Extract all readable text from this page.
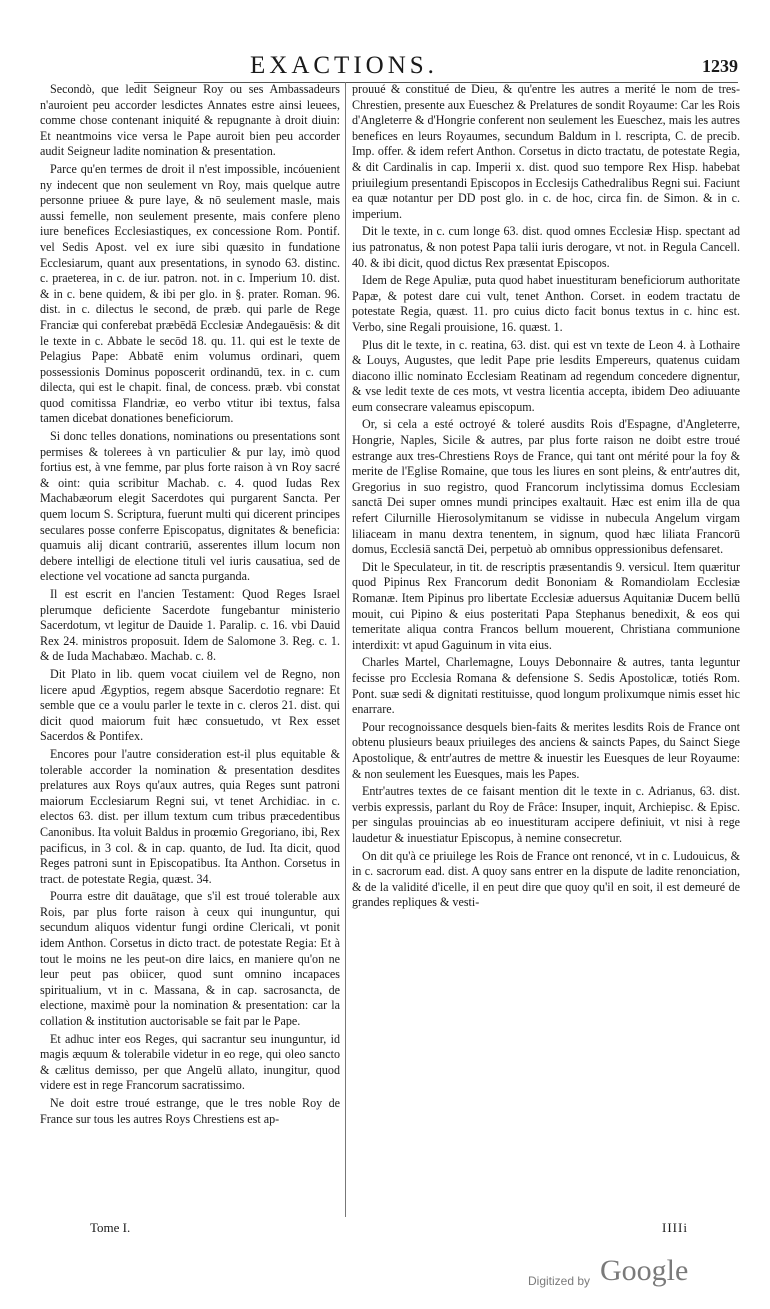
EXACTIONS.	1239

Secondò, que ledit Seigneur Roy ou ses Ambassadeurs n'auroient peu accorder lesdictes Annates estre ainsi leuees, comme chose contenant iniquité & repugnante à droit diuin: Et neantmoins vice versa le Pape auroit bien peu accorder audit Seigneur ladite nomination & presentation.

Parce qu'en termes de droit il n'est impossible, incóuenient ny indecent que non seulement vn Roy, mais quelque autre personne priuee & pure laye, & nō seulement masle, mais aussi femelle, non seulement presente, mais confere pleno iure benefices Ecclesiastiques, ex concessione Rom. Pontif. vel Sedis Apost. vel ex iure sibi quæsito in fundatione Ecclesiarum, quant aux presentations, in synodo 63. distinc. c. praeterea, in c. de iur. patron. not. in c. Imperium 10. dist. & in c. bene quidem, & ibi per glo. in §. prater. Roman. 96. dist. in c. dilectus le second, de præb. qui parle de Rege Franciæ qui conferebat præbēdā Ecclesiæ Andegauēsis: & dit le texte in c. Abbate le secōd 18. qu. 11. qui est le texte de Pelagius Pape: Abbatē enim volumus ordinari, quem possessionis Dominus poposcerit ordinandū, tex. in c. cum dilecta, qui est le chapit. final, de concess. præb. vbi constat quod comitissa Flandriæ, eo verbo vtitur ibi textus, falsa tamen dicebat donationes beneficiorum.

Si donc telles donations, nominations ou presentations sont permises & tolerees à vn particulier & pur lay, imò quod fortius est, à vne femme, par plus forte raison à vn Roy sacré & oint: quia scribitur Machab. c. 4. quod Iudas Rex Machabæorum elegit Sacerdotes qui purgarent Sancta. Per quem locum S. Scriptura, fuerunt multi qui dicerent principes seculares posse conferre Episcopatus, dignitates & beneficia: quamuis alij dicant contrariū, asserentes illum locum non debere intelligi de electione tituli vel iuris causatiua, sed de electione vel vocatione ad sancta purganda.

Il est escrit en l'ancien Testament: Quod Reges Israel plerumque deficiente Sacerdote fungebantur ministerio Sacerdotum, vt legitur de Dauide 1. Paralip. c. 16. vbi Dauid Rex 24. ministros proposuit. Idem de Salomone 3. Reg. c. 1. & de Iuda Machabæo. Machab. c. 8.

Dit Plato in lib. quem vocat ciuilem vel de Regno, non licere apud Ægyptios, regem absque Sacerdotio regnare: Et semble que ce a voulu parler le texte in c. cleros 21. dist. qui dicit quod maiorum fuit hæc consuetudo, vt Rex esset Sacerdos & Pontifex.

Encores pour l'autre consideration est-il plus equitable & tolerable accorder la nomination & presentation desdites prelatures aux Roys qu'aux autres, quia Reges sunt patroni maiorum Ecclesiarum Regni sui, vt tenet Archidiac. in c. electos 63. dist. per illum textum cum tribus præcedentibus Canonibus. Ita voluit Baldus in proœmio Gregoriano, ibi, Rex pacificus, in 3 col. & in cap. quanto, de Iud. Ita dicit, quod Reges patroni sunt in Episcopatibus. Ita Anthon. Corsetus in tract. de potestate Regia, quæst. 34.

Pourra estre dit dauātage, que s'il est troué tolerable aux Rois, par plus forte raison à ceux qui inunguntur, qui secundum aliquos videntur fungi ordine Clericali, vt ponit idem Anthon. Corsetus in dicto tract. de potestate Regia: Et à tout le moins ne les peut-on dire laics, en maniere qu'on ne leur peut pas obiicer, quod sunt omnino incapaces spiritualium, vt in c. Massana, & in cap. sacrosancta, de electione, maximè pour la nomination & presentation: car la collation & institution auctorisable se fait par le Pape.

Et adhuc inter eos Reges, qui sacrantur seu inunguntur, id magis æquum & tolerabile videtur in eo rege, qui oleo sancto & cælitus demisso, per que Angelū allato, inungitur, quod videre est in rege Francorum sacratissimo.

Ne doit estre troué estrange, que le tres noble Roy de France sur tous les autres Roys Chrestiens est ap-

prouué & constitué de Dieu, & qu'entre les autres a merité le nom de tres-Chrestien, presente aux Eueschez & Prelatures de sondit Royaume: Car les Rois d'Angleterre & d'Hongrie conferent non seulement les Eueschez, mais les autres benefices en leurs Royaumes, secundum Baldum in l. rescripta, C. de precib. Imp. offer. & idem refert Anthon. Corsetus in dicto tractatu, de potestate Regia, & dit Cardinalis in cap. Imperii x. dist. quod suo tempore Rex Hisp. habebat priuilegium presentandi Episcopos in Ecclesijs Cathedralibus Regni sui. Faciunt ea quæ notantur per DD post glo. in c. de hoc, circa fin. de Simon. & in c. imperium.

Dit le texte, in c. cum longe 63. dist. quod omnes Ecclesiæ Hisp. spectant ad ius patronatus, & non potest Papa talii iuris derogare, vt not. in Regula Cancell. 40. & ibi dicit, quod dictus Rex præsentat Episcopos.

Idem de Rege Apuliæ, puta quod habet inuestituram beneficiorum authoritate Papæ, & potest dare cui vult, tenet Anthon. Corset. in eodem tractatu de potestate Regia, quæst. 11. pro cuius dicto facit bonus textus in c. hinc est. Verbo, sine Regali prouisione, 16. quæst. 1.

Plus dit le texte, in c. reatina, 63. dist. qui est vn texte de Leon 4. à Lothaire & Louys, Augustes, que ledit Pape prie lesdits Empereurs, quatenus cuidam diacono illic nominato Ecclesiam Reatinam ad regendum concedere dignentur, & vse ledit texte de ces mots, vt vestra licentia accepta, ibidem Deo adiuuante eum consecrare valeamus episcopum.

Or, si cela a esté octroyé & toleré ausdits Rois d'Espagne, d'Angleterre, Hongrie, Naples, Sicile & autres, par plus forte raison ne doibt estre troué estrange aux tres-Chrestiens Roys de France, qui tant ont mérité pour la foy & merite de l'Eglise Romaine, que tous les liures en sont pleins, & entr'autres dit, Gregorius in suo registro, quod Francorum inclytissima domus Ecclesiam sanctā Dei super omnes mundi principes exaltauit. Hæc est enim illa de qua refert Cilurnille Hierosolymitanum se vidisse in nubecula Angelum virgam liliaceam in manu dextra tenentem, in signum, quod hæc liliata Francorū domus, Ecclesiā sanctā Dei, perpetuò ab omnibus oppressionibus defensaret.

Dit le Speculateur, in tit. de rescriptis præsentandis 9. versicul. Item quæritur quod Pipinus Rex Francorum dedit Bononiam & Romandiolam Ecclesiæ Romanæ. Item Pipinus pro libertate Ecclesiæ aduersus Aquitaniæ Ducem bellū mouit, cui Pipino & eius posteritati Papa Stephanus benedixit, & eos qui temeritate aliqua contra Francos bellum mouerent, Christiana communione interdixit: vt apud Gaguinum in vita eius.

Charles Martel, Charlemagne, Louys Debonnaire & autres, tanta leguntur fecisse pro Ecclesia Romana & defensione S. Sedis Apostolicæ, totiés Rom. Pont. suæ sedi & dignitati restituisse, quod longum prolixumque nimis esset hic enarrare.

Pour recognoissance desquels bien-faits & merites lesdits Rois de France ont obtenu plusieurs beaux priuileges des anciens & saincts Papes, du Sainct Siege Apostolique, & entr'autres de mettre & inuestir les Euesques de leur Royaume: & non seulement les Euesques, mais les Papes.

Entr'autres textes de ce faisant mention dit le texte in c. Adrianus, 63. dist. verbis expressis, parlant du Roy de Frâce: Insuper, inquit, Archiepisc. & Episc. per singulas prouincias ab eo inuestituram accipere definiuit, vt nisi à rege laudetur & inuestiatur Episcopus, à nemine consecretur.

On dit qu'à ce priuilege les Rois de France ont renoncé, vt in c. Ludouicus, & in c. sacrorum ead. dist. A quoy sans entrer en la dispute de ladite renonciation, & de la validité d'icelle, il en peut dire que quoy qu'il en soit, il est demeuré de grandes repliques & vesti-

Tome I.	IIIIi
Digitized by Google
